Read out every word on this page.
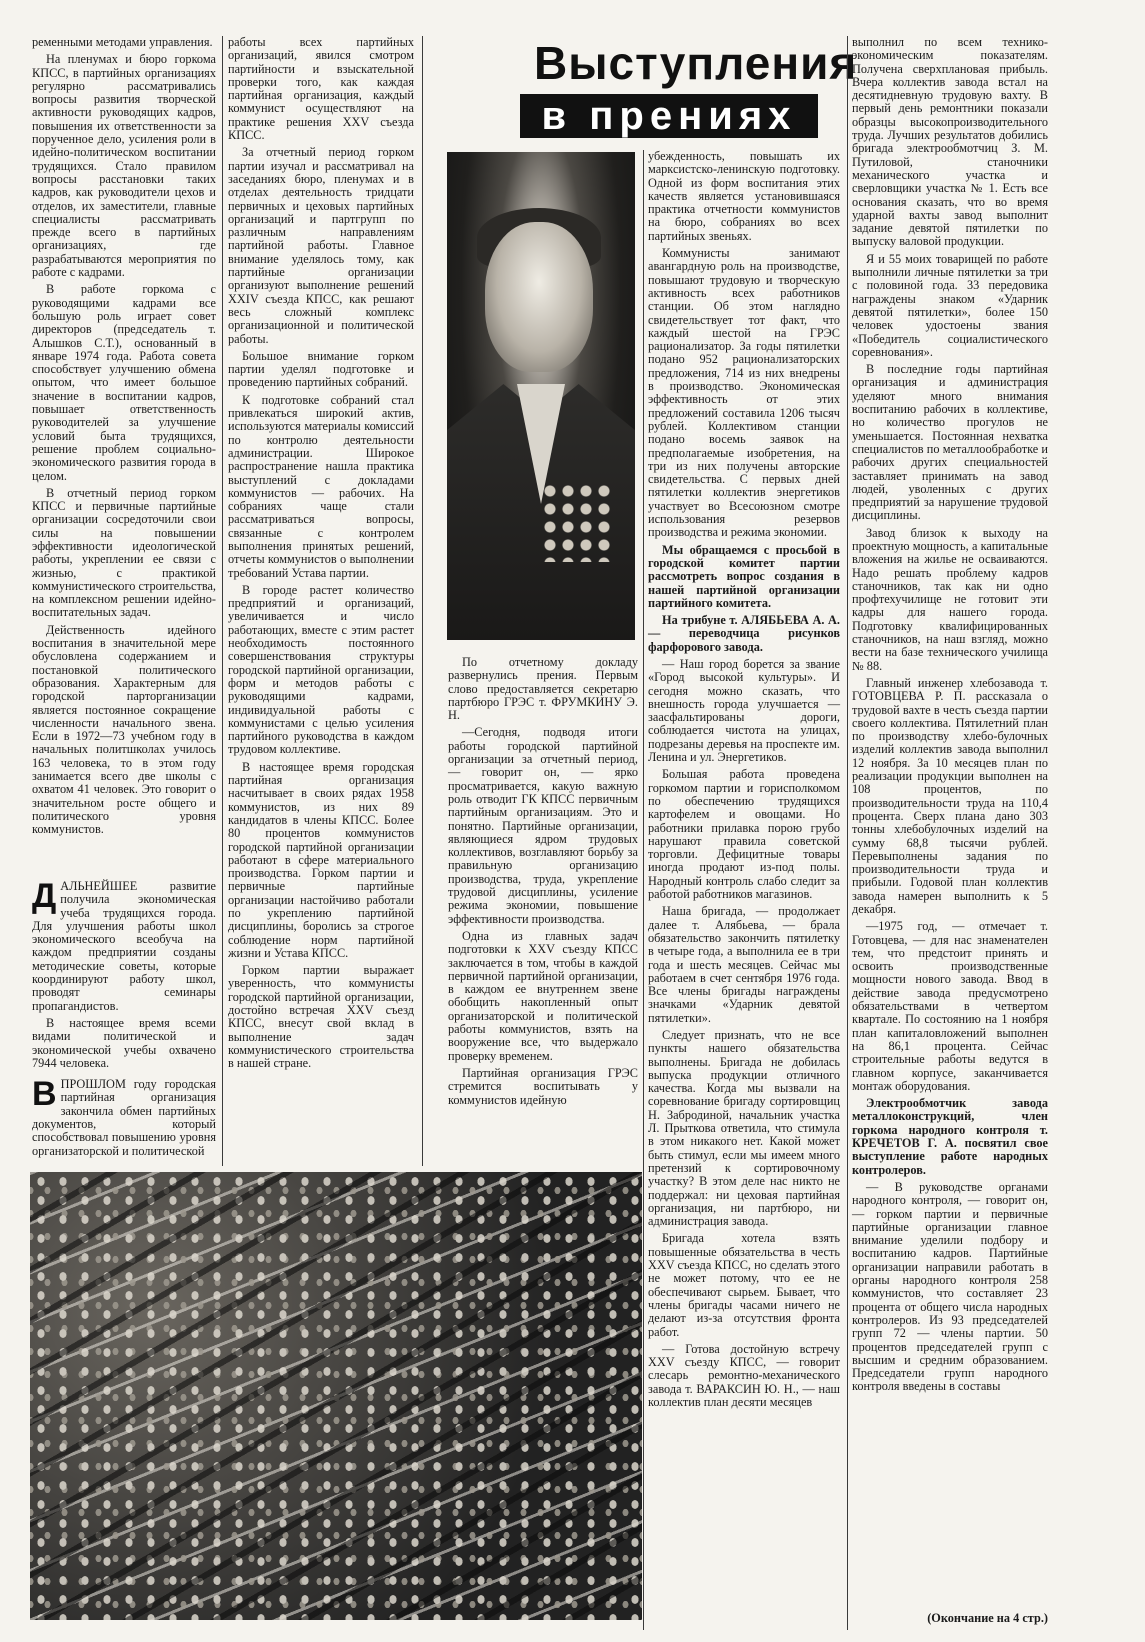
ременными методами управления.

На пленумах и бюро горкома КПСС, в партийных организациях регулярно рассматривались вопросы развития творческой активности руководящих кадров, повышения их ответственности за порученное дело, усиления роли в идейно-политическом воспитании трудящихся. Стало правилом вопросы расстановки таких кадров, как руководители цехов и отделов, их заместители, главные специалисты рассматривать прежде всего в партийных организациях, где разрабатываются мероприятия по работе с кадрами.

В работе горкома с руководящими кадрами все большую роль играет совет директоров (председатель т. Алышков С.Т.), основанный в январе 1974 года. Работа совета способствует улучшению обмена опытом, что имеет большое значение в воспитании кадров, повышает ответственность руководителей за улучшение условий быта трудящихся, решение проблем социально-экономического развития города в целом.

В отчетный период горком КПСС и первичные партийные организации сосредоточили свои силы на повышении эффективности идеологической работы, укреплении ее связи с жизнью, с практикой коммунистического строительства, на комплексном решении идейно-воспитательных задач.

Действенность идейного воспитания в значительной мере обусловлена содержанием и постановкой политического образования. Характерным для городской парторганизации является постоянное сокращение численности начального звена. Если в 1972—73 учебном году в начальных политшколах училось 163 человека, то в этом году занимается всего две школы с охватом 41 человек. Это говорит о значительном росте общего и политического уровня коммунистов.

ДАЛЬНЕЙШЕЕ развитие получила экономическая учеба трудящихся города. Для улучшения работы школ экономического всеобуча на каждом предприятии созданы методические советы, которые координируют работу школ, проводят семинары пропагандистов.

В настоящее время всеми видами политической и экономической учебы охвачено 7944 человека.

ВПРОШЛОМ году городская партийная организация закончила обмен партийных документов, который способствовал повышению уровня организаторской и политической

работы всех партийных организаций, явился смотром партийности и взыскательной проверки того, как каждая партийная организация, каждый коммунист осуществляют на практике решения XXV съезда КПСС.

За отчетный период горком партии изучал и рассматривал на заседаниях бюро, пленумах и в отделах деятельность тридцати первичных и цеховых партийных организаций и партгрупп по различным направлениям партийной работы. Главное внимание уделялось тому, как партийные организации организуют выполнение решений XXIV съезда КПСС, как решают весь сложный комплекс организационной и политической работы.

Большое внимание горком партии уделял подготовке и проведению партийных собраний.

К подготовке собраний стал привлекаться широкий актив, используются материалы комиссий по контролю деятельности администрации. Широкое распространение нашла практика выступлений с докладами коммунистов — рабочих. На собраниях чаще стали рассматриваться вопросы, связанные с контролем выполнения принятых решений, отчеты коммунистов о выполнении требований Устава партии.

В городе растет количество предприятий и организаций, увеличивается и число работающих, вместе с этим растет необходимость постоянного совершенствования структуры городской партийной организации, форм и методов работы с руководящими кадрами, индивидуальной работы с коммунистами с целью усиления партийного руководства в каждом трудовом коллективе.

В настоящее время городская партийная организация насчитывает в своих рядах 1958 коммунистов, из них 89 кандидатов в члены КПСС. Более 80 процентов коммунистов городской партийной организации работают в сфере материального производства. Горком партии и первичные партийные организации настойчиво работали по укреплению партийной дисциплины, боролись за строгое соблюдение норм партийной жизни и Устава КПСС.

Горком партии выражает уверенность, что коммунисты городской партийной организации, достойно встречая XXV съезд КПСС, внесут свой вклад в выполнение задач коммунистического строительства в нашей стране.

Выступления
в прениях

По отчетному докладу развернулись прения. Первым слово предоставляется секретарю партбюро ГРЭС т. ФРУМКИНУ Э. Н.

—Сегодня, подводя итоги работы городской партийной организации за отчетный период, — говорит он, — ярко просматривается, какую важную роль отводит ГК КПСС первичным партийным организациям. Это и понятно. Партийные организации, являющиеся ядром трудовых коллективов, возглавляют борьбу за правильную организацию производства, труда, укрепление трудовой дисциплины, усиление режима экономии, повышение эффективности производства.

Одна из главных задач подготовки к XXV съезду КПСС заключается в том, чтобы в каждой первичной партийной организации, в каждом ее внутреннем звене обобщить накопленный опыт организаторской и политической работы коммунистов, взять на вооружение все, что выдержало проверку временем.

Партийная организация ГРЭС стремится воспитывать у коммунистов идейную

убежденность, повышать их марксистско-ленинскую подготовку. Одной из форм воспитания этих качеств является установившаяся практика отчетности коммунистов на бюро, собраниях во всех партийных звеньях.

Коммунисты занимают авангардную роль на производстве, повышают трудовую и творческую активность всех работников станции. Об этом наглядно свидетельствует тот факт, что каждый шестой на ГРЭС рационализатор. За годы пятилетки подано 952 рационализаторских предложения, 714 из них внедрены в производство. Экономическая эффективность от этих предложений составила 1206 тысяч рублей. Коллективом станции подано восемь заявок на предполагаемые изобретения, на три из них получены авторские свидетельства. С первых дней пятилетки коллектив энергетиков участвует во Всесоюзном смотре использования резервов производства и режима экономии.

Мы обращаемся с просьбой в городской комитет партии рассмотреть вопрос создания в нашей партийной организации партийного комитета.

На трибуне т. АЛЯБЬЕВА А. А. — переводчица рисунков фарфорового завода.

— Наш город борется за звание «Город высокой культуры». И сегодня можно сказать, что внешность города улучшается — заасфальтированы дороги, соблюдается чистота на улицах, подрезаны деревья на проспекте им. Ленина и ул. Энергетиков.

Большая работа проведена горкомом партии и горисполкомом по обеспечению трудящихся картофелем и овощами. Но работники прилавка порою грубо нарушают правила советской торговли. Дефицитные товары иногда продают из-под полы. Народный контроль слабо следит за работой работников магазинов.

Наша бригада, — продолжает далее т. Алябьева, — брала обязательство закончить пятилетку в четыре года, а выполнила ее в три года и шесть месяцев. Сейчас мы работаем в счет сентября 1976 года. Все члены бригады награждены значками «Ударник девятой пятилетки».

Следует признать, что не все пункты нашего обязательства выполнены. Бригада не добилась выпуска продукции отличного качества. Когда мы вызвали на соревнование бригаду сортировщиц Н. Забродиной, начальник участка Л. Прыткова ответила, что стимула в этом никакого нет. Какой может быть стимул, если мы имеем много претензий к сортировочному участку? В этом деле нас никто не поддержал: ни цеховая партийная организация, ни партбюро, ни администрация завода.

Бригада хотела взять повышенные обязательства в честь XXV съезда КПСС, но сделать этого не может потому, что ее не обеспечивают сырьем. Бывает, что члены бригады часами ничего не делают из-за отсутствия фронта работ.

— Готова достойную встречу XXV съезду КПСС, — говорит слесарь ремонтно-механического завода т. ВАРАКСИН Ю. Н., — наш коллектив план десяти месяцев

выполнил по всем технико-экономическим показателям. Получена сверхплановая прибыль. Вчера коллектив завода встал на десятидневную трудовую вахту. В первый день ремонтники показали образцы высокопроизводительного труда. Лучших результатов добились бригада электрообмотчиц З. М. Путиловой, станочники механического участка и сверловщики участка № 1. Есть все основания сказать, что во время ударной вахты завод выполнит задание девятой пятилетки по выпуску валовой продукции.

Я и 55 моих товарищей по работе выполнили личные пятилетки за три с половиной года. 33 передовика награждены знаком «Ударник девятой пятилетки», более 150 человек удостоены звания «Победитель социалистического соревнования».

В последние годы партийная организация и администрация уделяют много внимания воспитанию рабочих в коллективе, но количество прогулов не уменьшается. Постоянная нехватка специалистов по металлообработке и рабочих других специальностей заставляет принимать на завод людей, уволенных с других предприятий за нарушение трудовой дисциплины.

Завод близок к выходу на проектную мощность, а капитальные вложения на жилье не осваиваются. Надо решать проблему кадров станочников, так как ни одно профтехучилище не готовит эти кадры для нашего города. Подготовку квалифицированных станочников, на наш взгляд, можно вести на базе технического училища № 88.

Главный инженер хлебозавода т. ГОТОВЦЕВА Р. П. рассказала о трудовой вахте в честь съезда партии своего коллектива. Пятилетний план по производству хлебо-булочных изделий коллектив завода выполнил 12 ноября. За 10 месяцев план по реализации продукции выполнен на 108 процентов, по производительности труда на 110,4 процента. Сверх плана дано 303 тонны хлебобулочных изделий на сумму 68,8 тысячи рублей. Перевыполнены задания по производительности труда и прибыли. Годовой план коллектив завода намерен выполнить к 5 декабря.

—1975 год, — отмечает т. Готовцева, — для нас знаменателен тем, что предстоит принять и освоить производственные мощности нового завода. Ввод в действие завода предусмотрено обязательствами в четвертом квартале. По состоянию на 1 ноября план капиталовложений выполнен на 86,1 процента. Сейчас строительные работы ведутся в главном корпусе, заканчивается монтаж оборудования.

Электрообмотчик завода металлоконструкций, член горкома народного контроля т. КРЕЧЕТОВ Г. А. посвятил свое выступление работе народных контролеров.

— В руководстве органами народного контроля, — говорит он, — горком партии и первичные партийные организации главное внимание уделили подбору и воспитанию кадров. Партийные организации направили работать в органы народного контроля 258 коммунистов, что составляет 23 процента от общего числа народных контролеров. Из 93 председателей групп 72 — члены партии. 50 процентов председателей групп с высшим и средним образованием. Председатели групп народного контроля введены в составы

(Окончание на 4 стр.)
